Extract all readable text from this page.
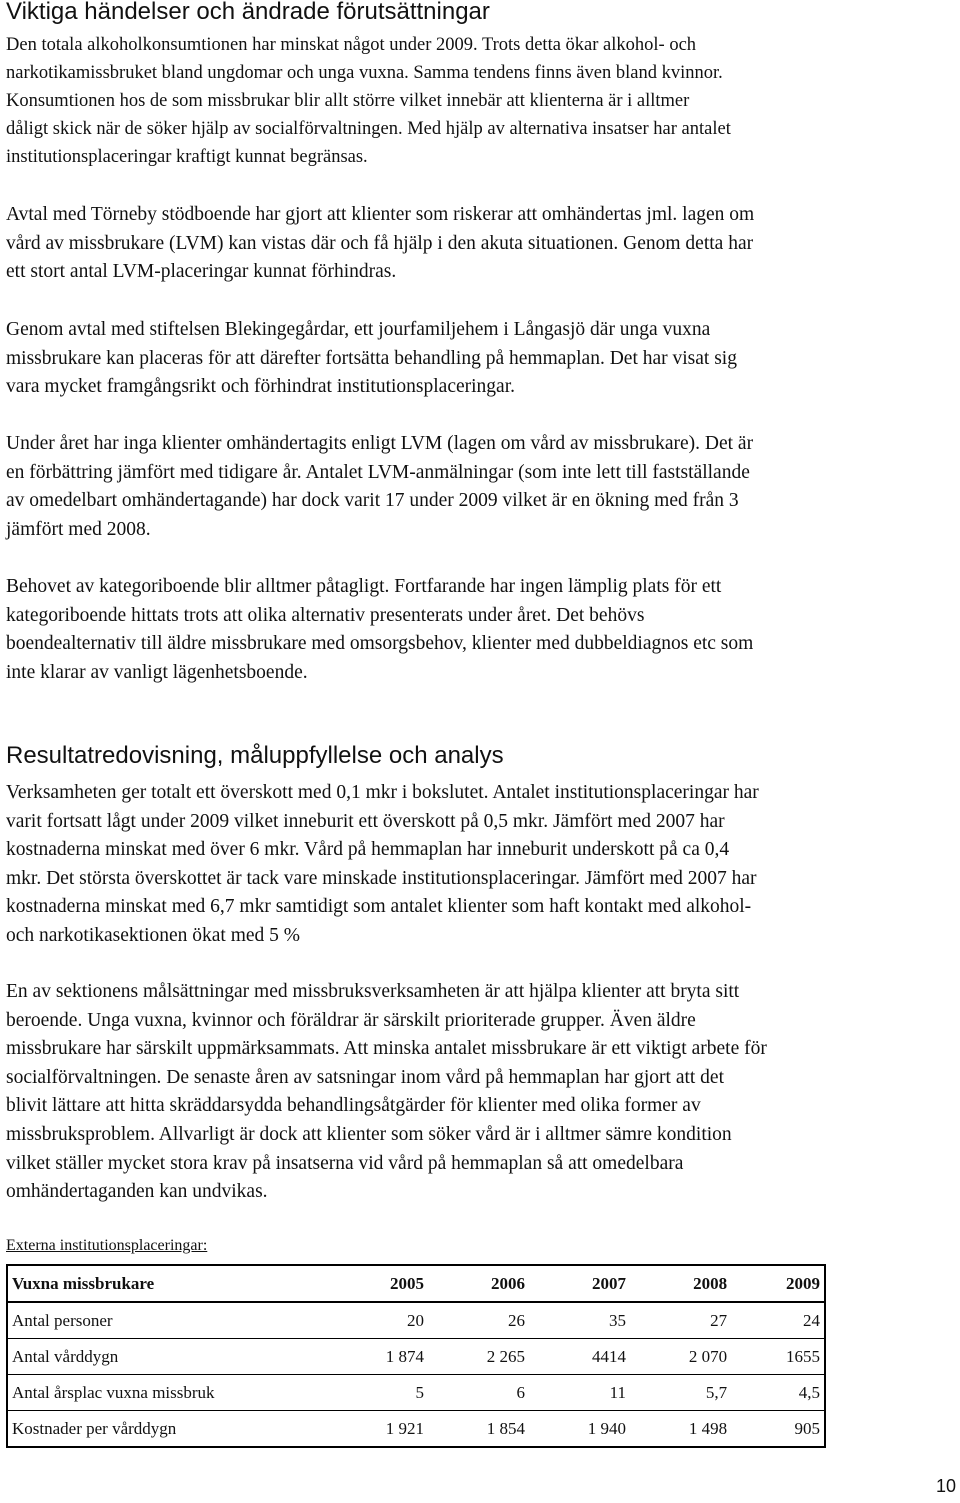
Viktiga händelser och ändrade förutsättningar
Den totala alkoholkonsumtionen har minskat något under 2009. Trots detta ökar alkohol- och
narkotikamissbruket bland ungdomar och unga vuxna. Samma tendens finns även bland kvinnor.
Konsumtionen hos de som missbrukar blir allt större vilket innebär att klienterna är i alltmer
dåligt skick när de söker hjälp av socialförvaltningen. Med hjälp av alternativa insatser har antalet
institutionsplaceringar kraftigt kunnat begränsas.
Avtal med Törneby stödboende har gjort att klienter som riskerar att omhändertas jml. lagen om
vård av missbrukare (LVM) kan vistas där och få hjälp i den akuta situationen. Genom detta har
ett stort antal LVM-placeringar kunnat förhindras.
Genom avtal med stiftelsen Blekingegårdar, ett jourfamiljehem i Långasjö där unga vuxna
missbrukare kan placeras för att därefter fortsätta behandling på hemmaplan. Det har visat sig
vara mycket framgångsrikt och förhindrat institutionsplaceringar.
Under året har inga klienter omhändertagits enligt LVM (lagen om vård av missbrukare). Det är
en förbättring jämfört med tidigare år. Antalet LVM-anmälningar (som inte lett till fastställande
av omedelbart omhändertagande) har dock varit 17 under 2009 vilket är en ökning med från 3
jämfört med 2008.
Behovet av kategoriboende blir alltmer påtagligt. Fortfarande har ingen lämplig plats för ett
kategoriboende hittats trots att olika alternativ presenterats under året. Det behövs
boendealternativ till äldre missbrukare med omsorgsbehov, klienter med dubbeldiagnos etc som
inte klarar av vanligt lägenhetsboende.
Resultatredovisning, måluppfyllelse och analys
Verksamheten ger totalt ett överskott med 0,1 mkr i bokslutet. Antalet institutionsplaceringar har
varit fortsatt lågt under 2009 vilket inneburit ett överskott på 0,5 mkr. Jämfört med 2007 har
kostnaderna minskat med över 6 mkr. Vård på hemmaplan har inneburit underskott på ca 0,4
mkr. Det största överskottet är tack vare minskade institutionsplaceringar. Jämfört med 2007 har
kostnaderna minskat med 6,7 mkr samtidigt som antalet klienter som haft kontakt med alkohol-
och narkotikasektionen ökat med 5 %
En av sektionens målsättningar med missbruksverksamheten är att hjälpa klienter att bryta sitt
beroende. Unga vuxna, kvinnor och föräldrar är särskilt prioriterade grupper. Även äldre
missbrukare har särskilt uppmärksammats. Att minska antalet missbrukare är ett viktigt arbete för
socialförvaltningen. De senaste åren av satsningar inom vård på hemmaplan har gjort att det
blivit lättare att hitta skräddarsydda behandlingsåtgärder för klienter med olika former av
missbruksproblem. Allvarligt är dock att klienter som söker vård är i alltmer sämre kondition
vilket ställer mycket stora krav på insatserna vid vård på hemmaplan så att omedelbara
omhändertaganden kan undvikas.
Externa institutionsplaceringar:
Vuxna missbrukare	2005	2006	2007	2008	2009
Antal personer	20	26	35	27	24
Antal vårddygn	1 874	2 265	4414	2 070	1655
Antal årsplac vuxna missbruk	5	6	11	5,7	4,5
Kostnader per vårddygn	1 921	1 854	1 940	1 498	905
10
